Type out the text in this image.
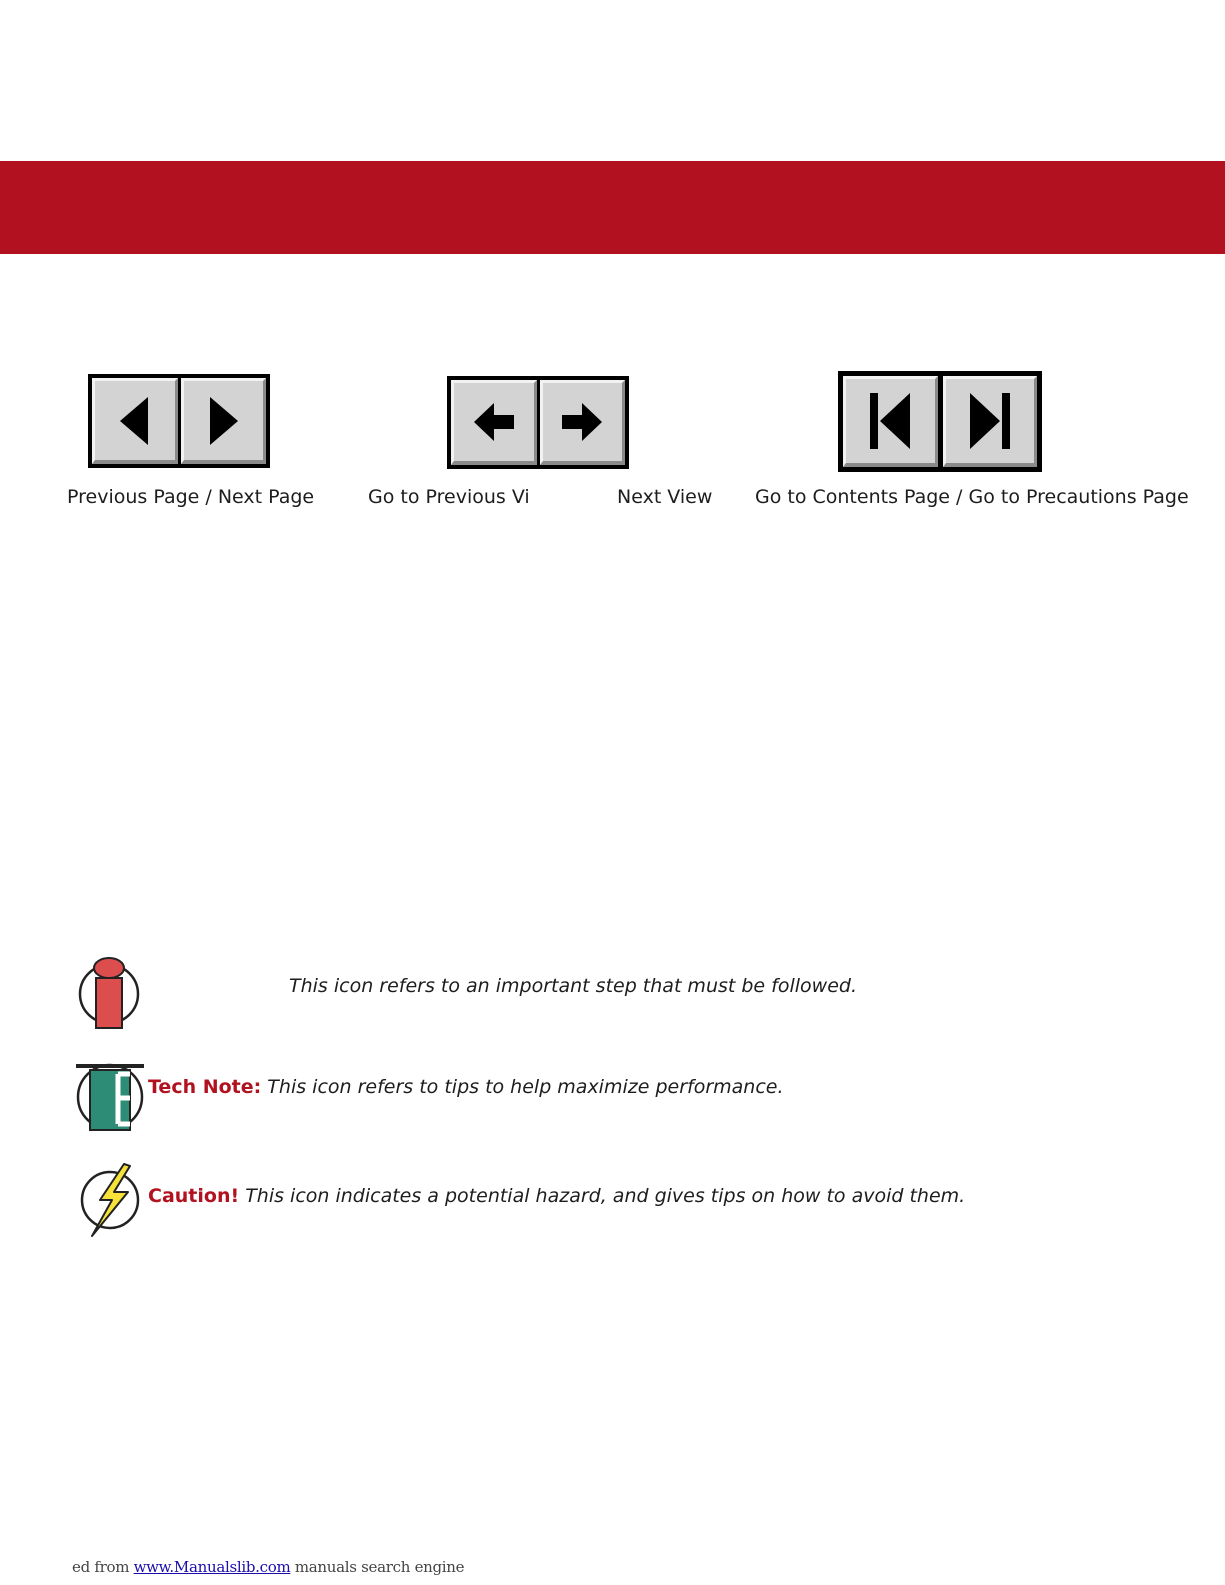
Previous Page / Next Page	Go to Previous Vi	Next View Go to Contents Page / Go to Precautions Page
This icon refers to an important step that must be followed.
Tech Note: This icon refers to tips to help maximize performance.
Caution! This icon indicates a potential hazard, and gives tips on how to avoid them.
ed from www.Manualslib.com manuals search engine
